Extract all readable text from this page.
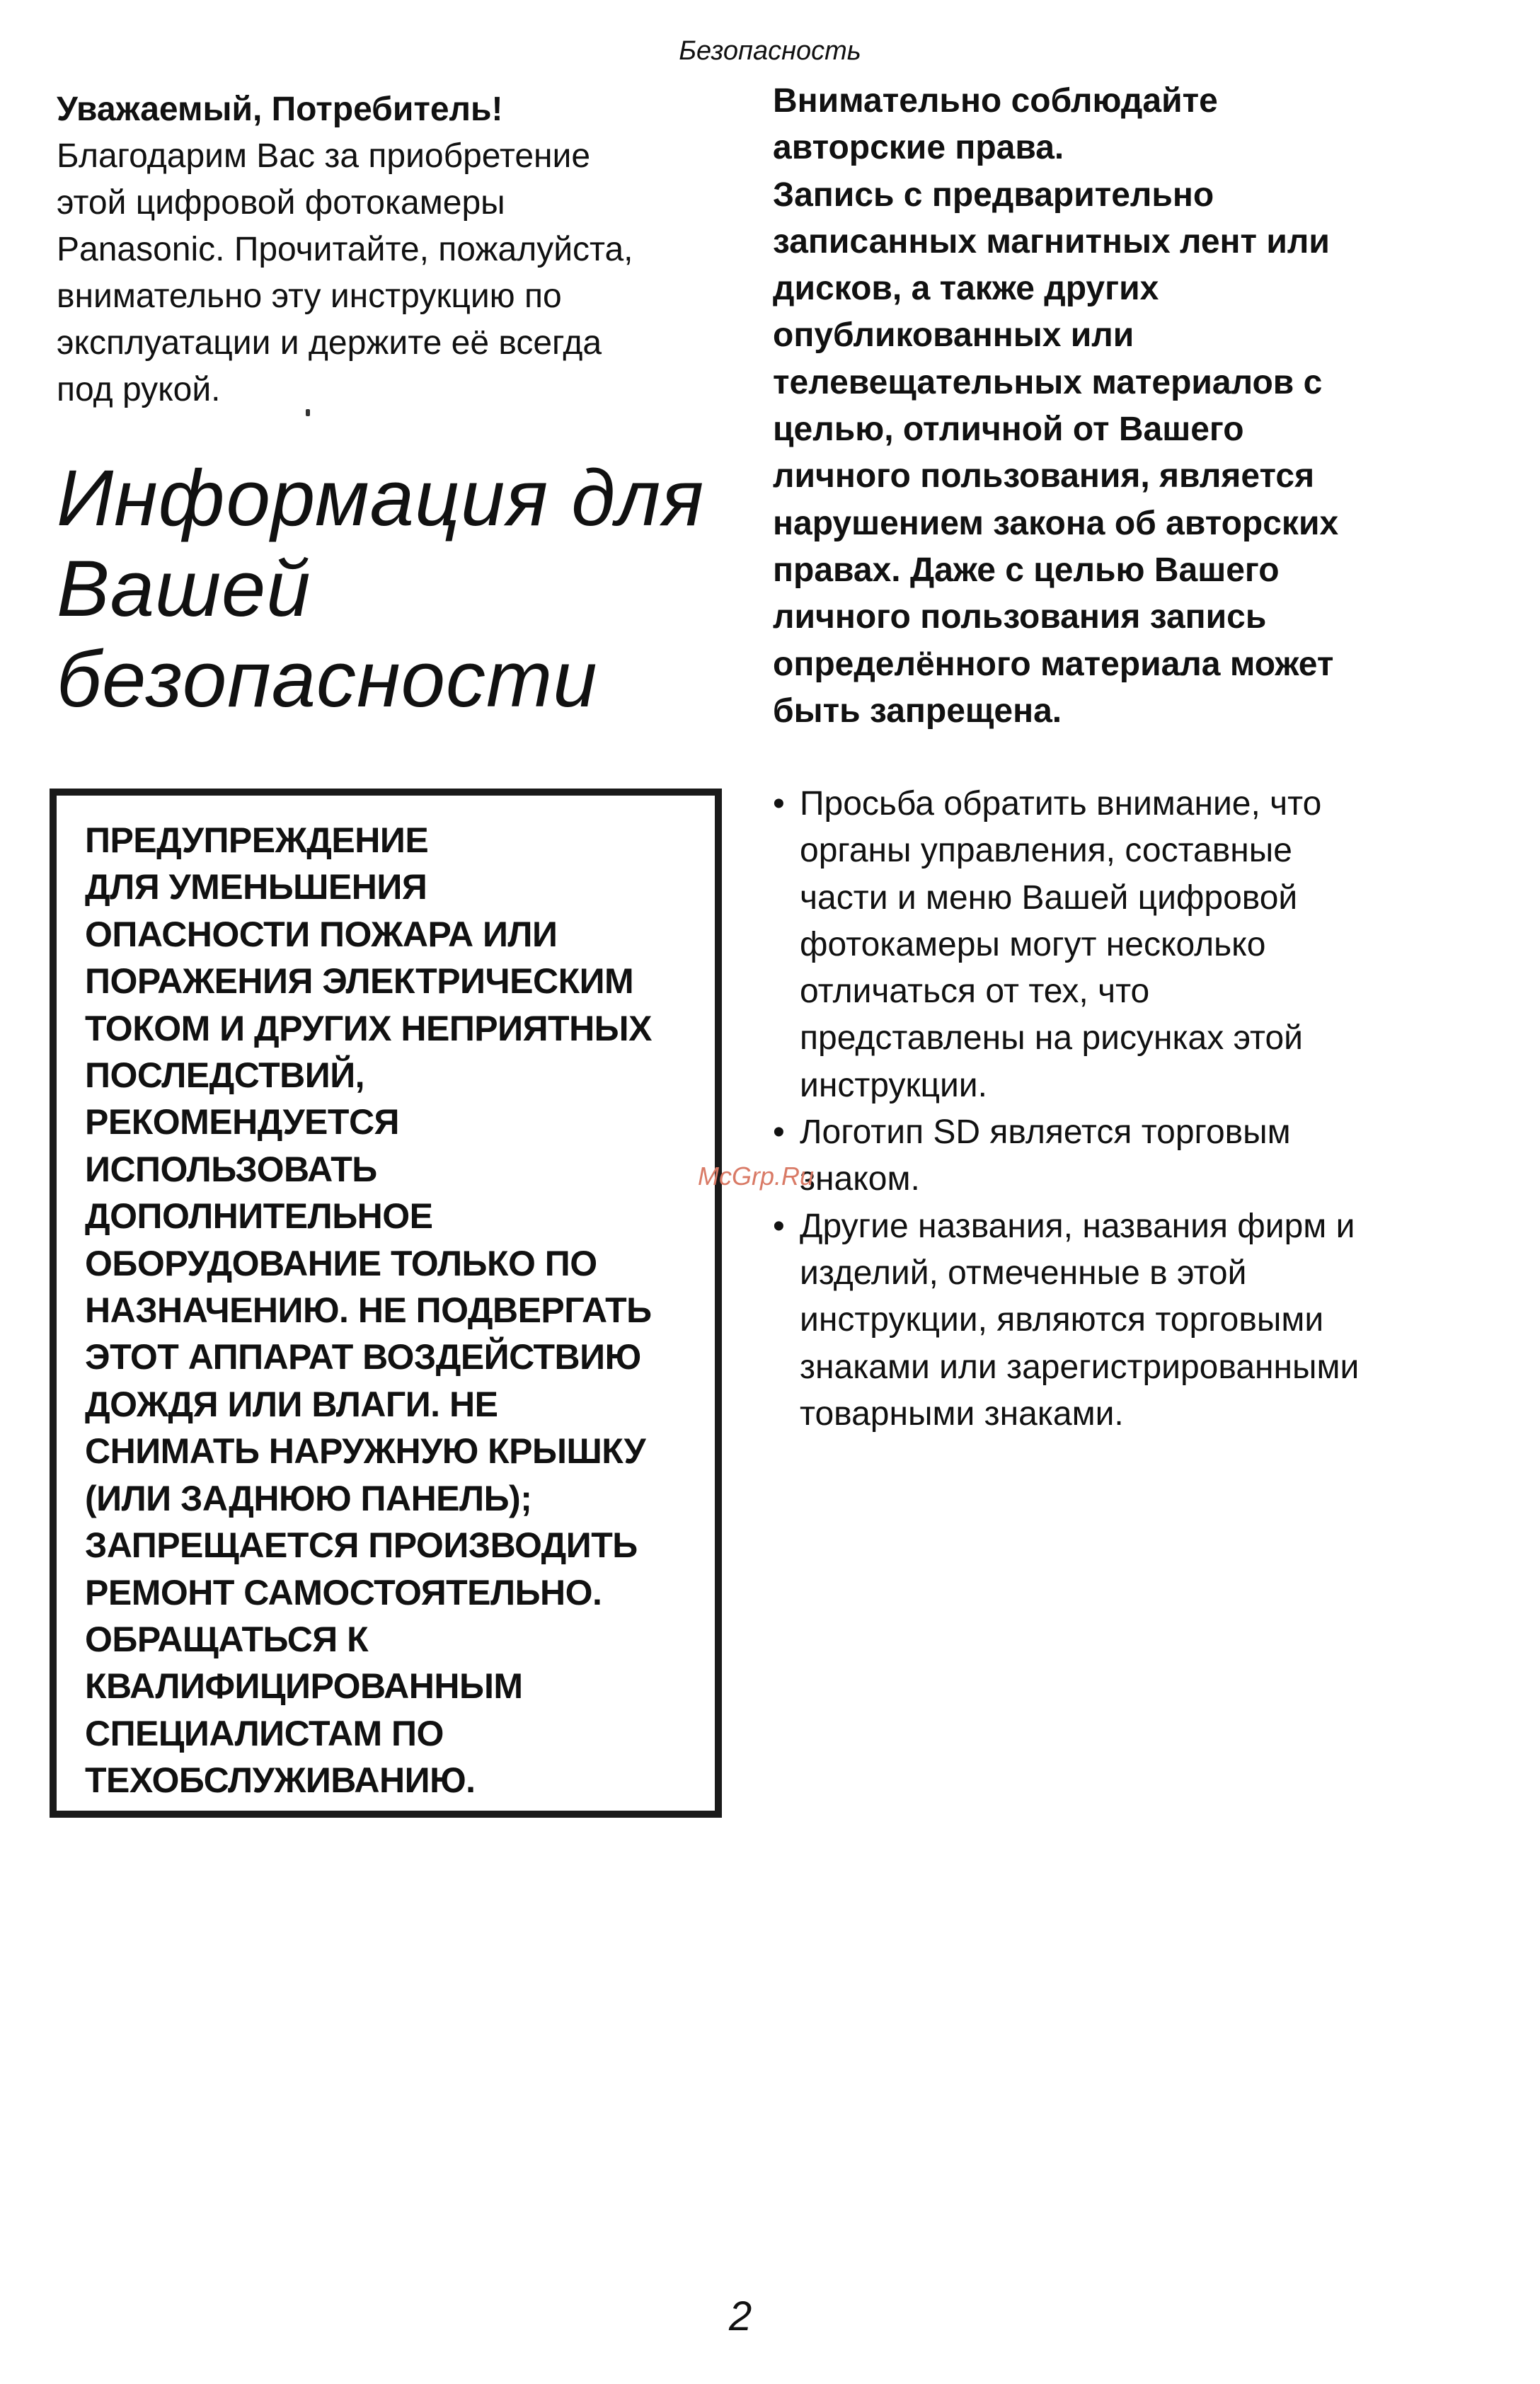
Безопасность

Уважаемый, Потребитель!

Благодарим Вас за приобретение
этой цифровой фотокамеры
Panasonic. Прочитайте, пожалуйста,
внимательно эту инструкцию по
эксплуатации и держите её всегда
под рукой.
Информация для
Вашей
безопасности
ПРЕДУПРЕЖДЕНИЕ
ДЛЯ УМЕНЬШЕНИЯ
ОПАСНОСТИ ПОЖАРА ИЛИ
ПОРАЖЕНИЯ ЭЛЕКТРИЧЕСКИМ
ТОКОМ И ДРУГИХ НЕПРИЯТНЫХ
ПОСЛЕДСТВИЙ,
РЕКОМЕНДУЕТСЯ
ИСПОЛЬЗОВАТЬ
ДОПОЛНИТЕЛЬНОЕ
ОБОРУДОВАНИЕ ТОЛЬКО ПО
НАЗНАЧЕНИЮ. НЕ ПОДВЕРГАТЬ
ЭТОТ АППАРАТ ВОЗДЕЙСТВИЮ
ДОЖДЯ ИЛИ ВЛАГИ. НЕ
СНИМАТЬ НАРУЖНУЮ КРЫШКУ
(ИЛИ ЗАДНЮЮ ПАНЕЛЬ);
ЗАПРЕЩАЕТСЯ ПРОИЗВОДИТЬ
РЕМОНТ САМОСТОЯТЕЛЬНО.
ОБРАЩАТЬСЯ К
КВАЛИФИЦИРОВАННЫМ
СПЕЦИАЛИСТАМ ПО
ТЕХОБСЛУЖИВАНИЮ.
Внимательно соблюдайте
авторские права.
Запись с предварительно
записанных магнитных лент или
дисков, а также других
опубликованных или
телевещательных материалов с
целью, отличной от Вашего
личного пользования, является
нарушением закона об авторских
правах. Даже с целью Вашего
личного пользования запись
определённого материала может
быть запрещена.
• Просьба обратить внимание, что
органы управления, составные
части и меню Вашей цифровой
фотокамеры могут несколько
отличаться от тех, что
представлены на рисунках этой
инструкции.
• Логотип SD является торговым
знаком.
• Другие названия, названия фирм и
изделий, отмеченные в этой
инструкции, являются торговыми
знаками или зарегистрированными
товарными знаками.
McGrp.Ru
2
